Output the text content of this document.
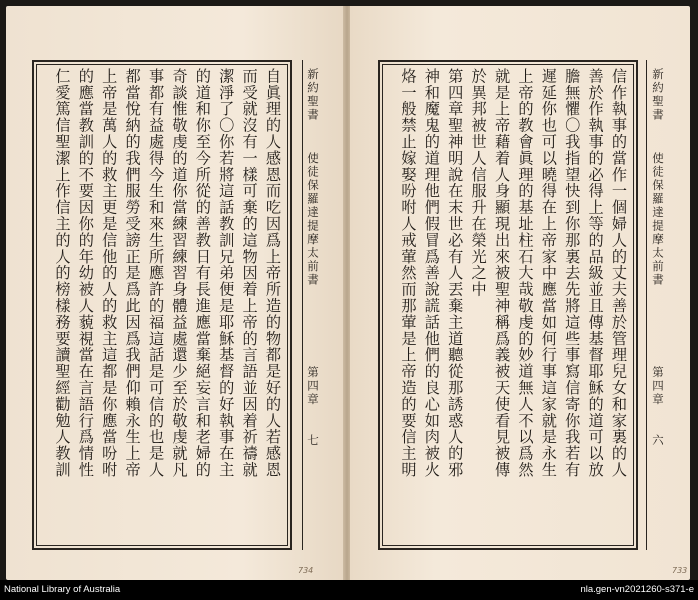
自眞理的人感恩而吃因爲上帝所造的物都是好的人若感恩
而受就沒有一樣可棄的這物因着上帝的言語並因着祈禱就
潔淨了〇你若將這話教訓兄弟便是耶穌基督的好執事在主
的道和你至今所從的善教日有長進應當棄絕妄言和老婦的
奇談惟敬虔的道你當練習練習身體益處還少至於敬虔就凡
事都有益處得今生和來生所應許的福這話是可信的也是人
都當悅納的我們服勞受謗正是爲此因爲我們仰賴永生上帝
上帝是萬人的救主更是信他的人的救主這都是你應當吩咐
的應當教訓的不要因你的年幼被人藐視當在言語行爲情性
仁愛篤信聖潔上作信主的人的榜樣務要讀聖經勸勉人教訓	新約聖書
使徒保羅達提摩太前書
第四章
七	信作執事的當作一個婦人的丈夫善於管理兒女和家裏的人
善於作執事的必得上等的品級並且傳基督耶穌的道可以放
膽無懼〇我指望快到你那裏去先將這些事寫信寄你我若有
遲延你也可以曉得在上帝家中應當如何行事這家就是永生
上帝的教會眞理的基址柱石大哉敬虔的妙道無人不以爲然
就是上帝藉着人身顯現出來被聖神稱爲義被天使看見被傳
於異邦被世人信服升在榮光之中
第四章聖神明說在末世必有人丟棄主道聽從那誘惑人的邪
神和魔鬼的道理他們假冒爲善說謊話他們的良心如肉被火
烙一般禁止嫁娶吩咐人戒葷然而那葷是上帝造的要信主明	新約聖書
使徒保羅達提摩太前書
第四章
六
734	733
National Library of Australia	nla.gen-vn2021260-s371-e
